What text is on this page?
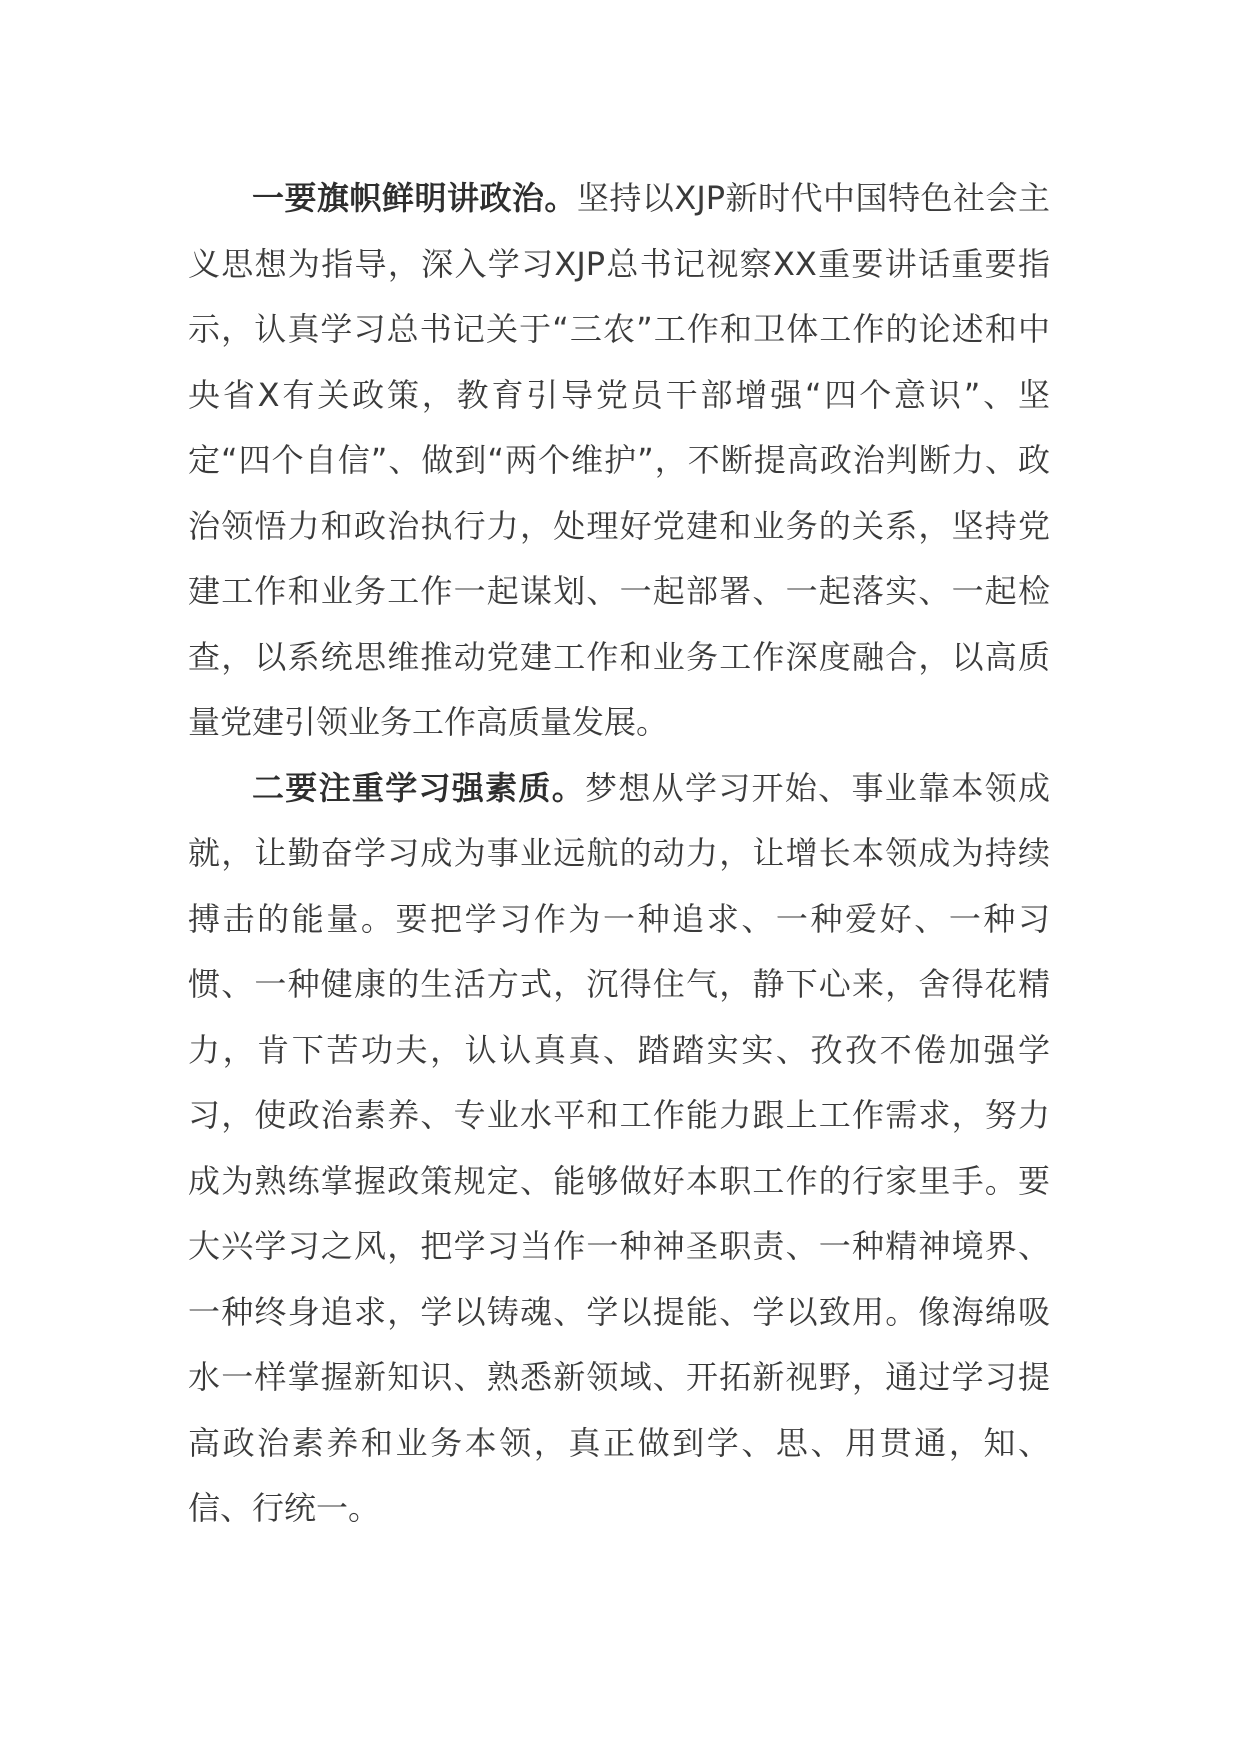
一要旗帜鲜明讲政治。坚持以XJP新时代中国特色社会主义思想为指导，深入学习XJP总书记视察XX重要讲话重要指示，认真学习总书记关于“三农”工作和卫体工作的论述和中央省X有关政策，教育引导党员干部增强“四个意识”、坚定“四个自信”、做到“两个维护”，不断提高政治判断力、政治领悟力和政治执行力，处理好党建和业务的关系，坚持党建工作和业务工作一起谋划、一起部署、一起落实、一起检查，以系统思维推动党建工作和业务工作深度融合，以高质量党建引领业务工作高质量发展。

二要注重学习强素质。梦想从学习开始、事业靠本领成就，让勤奋学习成为事业远航的动力，让增长本领成为持续搏击的能量。要把学习作为一种追求、一种爱好、一种习惯、一种健康的生活方式，沉得住气，静下心来，舍得花精力，肯下苦功夫，认认真真、踏踏实实、孜孜不倦加强学习，使政治素养、专业水平和工作能力跟上工作需求，努力成为熟练掌握政策规定、能够做好本职工作的行家里手。要大兴学习之风，把学习当作一种神圣职责、一种精神境界、一种终身追求，学以铸魂、学以提能、学以致用。像海绵吸水一样掌握新知识、熟悉新领域、开拓新视野，通过学习提高政治素养和业务本领，真正做到学、思、用贯通，知、信、行统一。
